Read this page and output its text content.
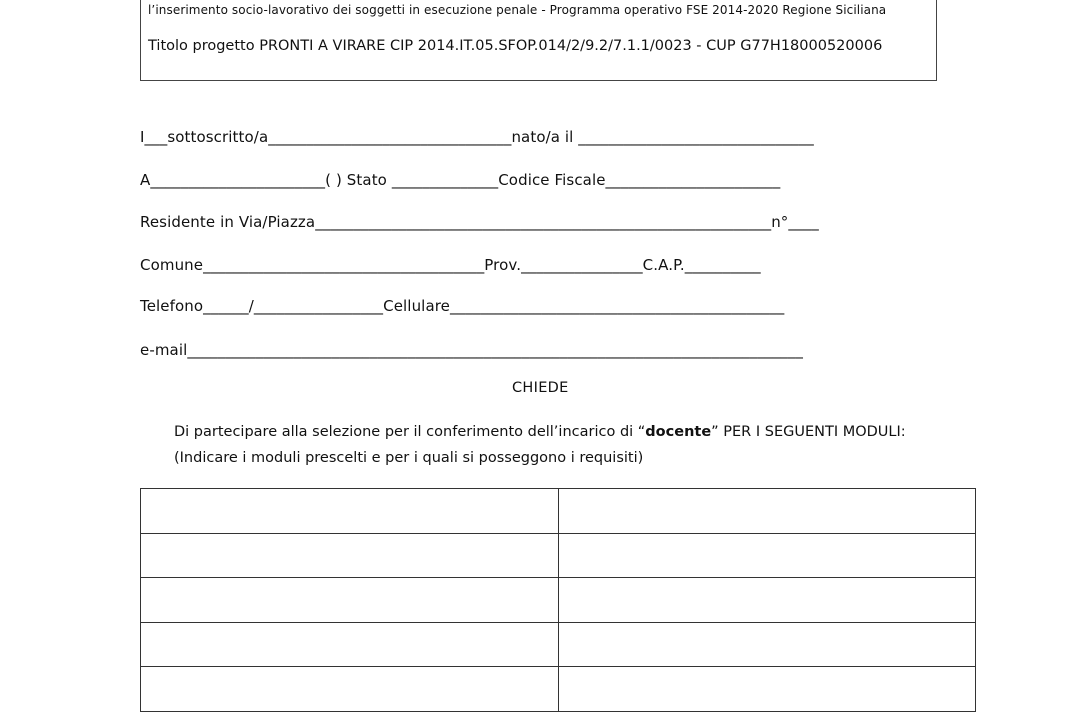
l’inserimento socio-lavorativo dei soggetti in esecuzione penale - Programma operativo FSE 2014-2020 Regione Siciliana
Titolo progetto PRONTI A VIRARE CIP 2014.IT.05.SFOP.014/2/9.2/7.1.1/0023 - CUP G77H18000520006
I___sottoscritto/a________________________________nato/a il _______________________________
A_______________________( ) Stato ______________Codice Fiscale_______________________
Residente in Via/Piazza____________________________________________________________n°____
Comune_____________________________________Prov.________________C.A.P.__________
Telefono______/_________________Cellulare____________________________________________
e-mail_________________________________________________________________________________
CHIEDE
Di partecipare alla selezione per il conferimento dell’incarico di “docente” PER I SEGUENTI MODULI:
(Indicare i moduli prescelti e per i quali si posseggono i requisiti)
